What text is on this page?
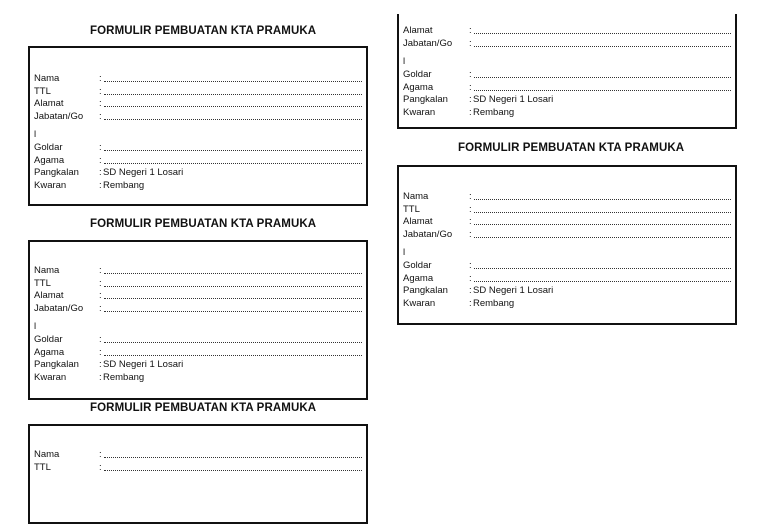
FORMULIR PEMBUATAN KTA PRAMUKA
FORMULIR PEMBUATAN KTA PRAMUKA
FORMULIR PEMBUATAN KTA PRAMUKA
FORMULIR PEMBUATAN KTA PRAMUKA
Nama	:
TTL	:
Alamat	:
Jabatan/Go :
l
Goldar	:
Agama	:
Pangkalan : SD Negeri 1 Losari
Kwaran	: Rembang
Nama	:
TTL	:
Alamat	:
Jabatan/Go :
l
Goldar	:
Agama	:
Pangkalan : SD Negeri 1 Losari
Kwaran	: Rembang
Nama	:
TTL	:
Alamat	:
Jabatan/Go :
l
Goldar	:
Agama	:
Pangkalan : SD Negeri 1 Losari
Kwaran	: Rembang
Nama	:
TTL	:
Alamat	:
Jabatan/Go :
l
Goldar	:
Agama	:
Pangkalan : SD Negeri 1 Losari
Kwaran	: Rembang
